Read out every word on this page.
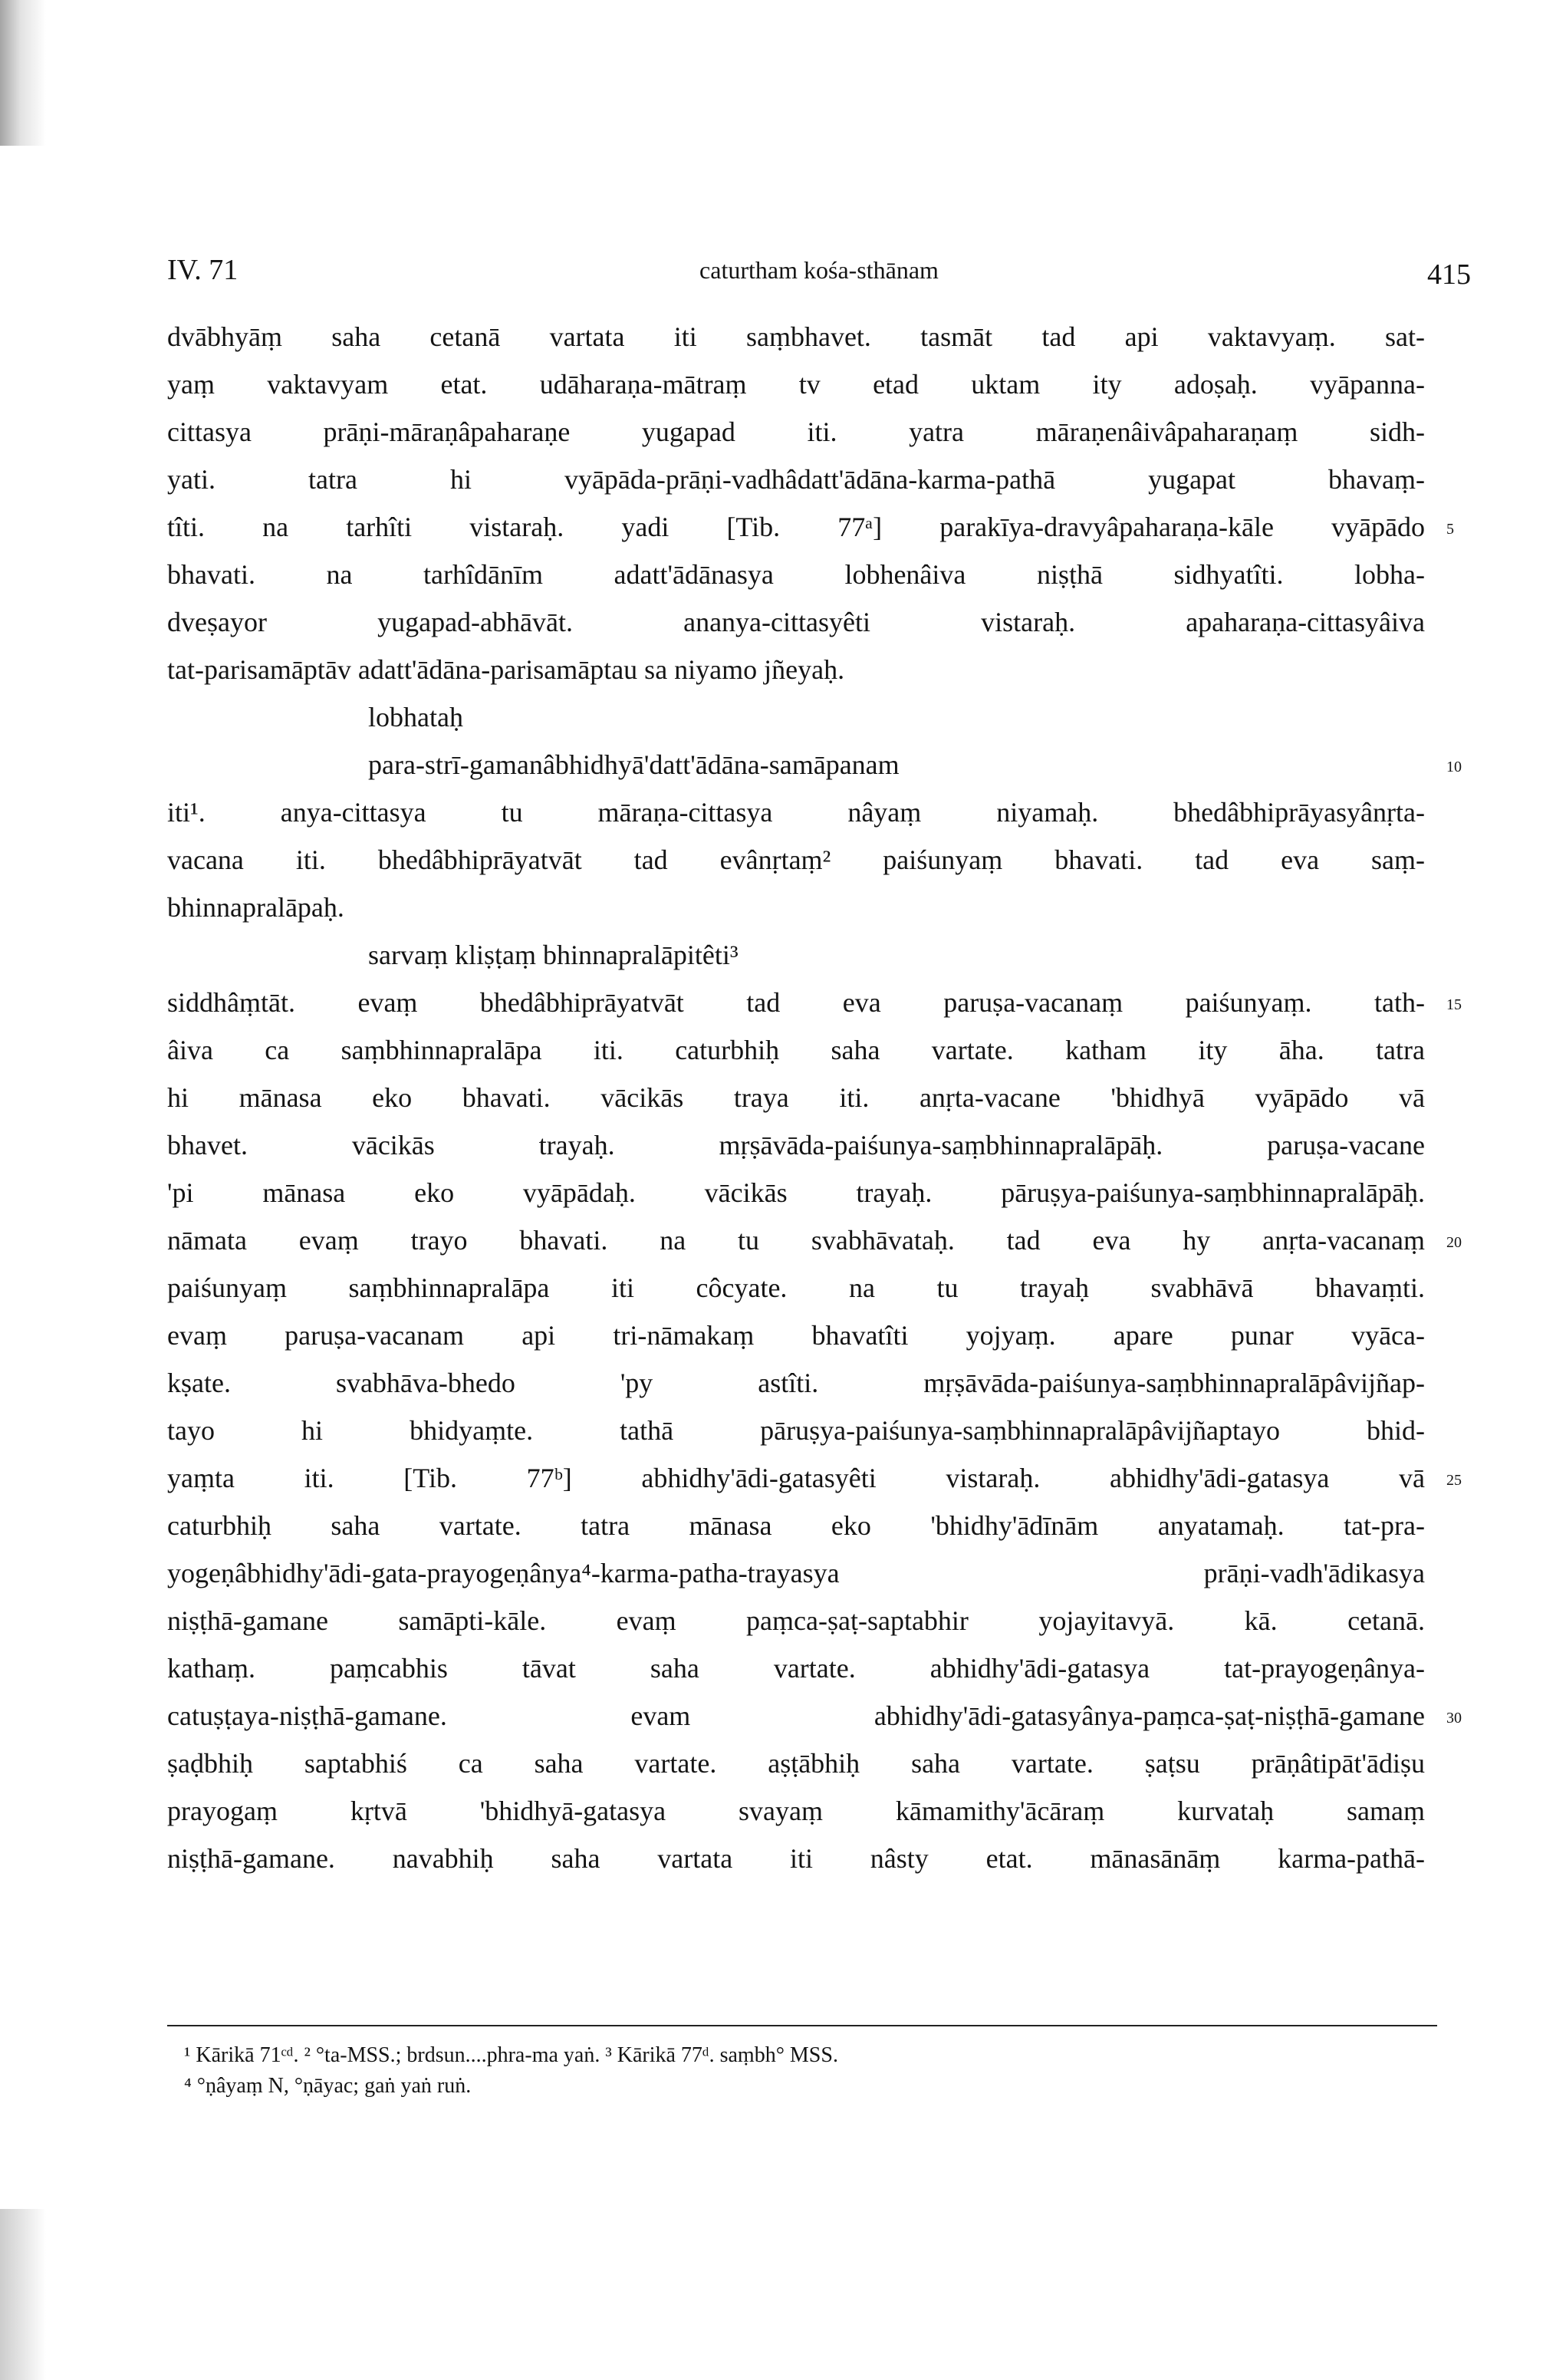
IV. 71	caturtham kośa-sthānam	415
dvābhyāṃ saha cetanā vartata iti saṃbhavet. tasmāt tad api vaktavyaṃ. sat-
yaṃ vaktavyam etat. udāharaṇa-mātraṃ tv etad uktam ity adoṣaḥ. vyāpanna-
cittasya prāṇi-māraṇâpaharaṇe yugapad iti. yatra māraṇenâivâpaharaṇaṃ sidh-
yati. tatra hi vyāpāda-prāṇi-vadhâdatt'ādāna-karma-pathā yugapat bhavaṃ-
tîti. na tarhîti vistaraḥ. yadi [Tib. 77ᵃ] parakīya-dravyâpaharaṇa-kāle vyāpādo
bhavati. na tarhîdānīm adatt'ādānasya lobhenâiva niṣṭhā sidhyatîti. lobha-
dveṣayor yugapad-abhāvāt. ananya-cittasyêti vistaraḥ. apaharaṇa-cittasyâiva
tat-parisamāptāv adatt'ādāna-parisamāptau sa niyamo jñeyaḥ.
lobhataḥ
para-strī-gamanâbhidhyā'datt'ādāna-samāpanam
iti¹. anya-cittasya tu māraṇa-cittasya nâyaṃ niyamaḥ. bhedâbhiprāyasyânṛta-
vacana iti. bhedâbhiprāyatvāt tad evânṛtaṃ² paiśunyaṃ bhavati. tad eva saṃ-
bhinnapralāpaḥ.
sarvaṃ kliṣṭaṃ bhinnapralāpitêti³
siddhâṃtāt. evaṃ bhedâbhiprāyatvāt tad eva paruṣa-vacanaṃ paiśunyaṃ. tath-
âiva ca saṃbhinnapralāpa iti. caturbhiḥ saha vartate. katham ity āha. tatra
hi mānasa eko bhavati. vācikās traya iti. anṛta-vacane 'bhidhyā vyāpādo vā
bhavet. vācikās trayaḥ. mṛṣāvāda-paiśunya-saṃbhinnapralāpāḥ. paruṣa-vacane
'pi mānasa eko vyāpādaḥ. vācikās trayaḥ. pāruṣya-paiśunya-saṃbhinnapralāpāḥ.
nāmata evaṃ trayo bhavati. na tu svabhāvataḥ. tad eva hy anṛta-vacanaṃ
paiśunyaṃ saṃbhinnapralāpa iti côcyate. na tu trayaḥ svabhāvā bhavaṃti.
evaṃ paruṣa-vacanam api tri-nāmakaṃ bhavatîti yojyaṃ. apare punar vyāca-
kṣate. svabhāva-bhedo 'py astîti. mṛṣāvāda-paiśunya-saṃbhinnapralāpâvijñap-
tayo hi bhidyaṃte. tathā pāruṣya-paiśunya-saṃbhinnapralāpâvijñaptayo bhid-
yaṃta iti. [Tib. 77ᵇ] abhidhy'ādi-gatasyêti vistaraḥ. abhidhy'ādi-gatasya vā
caturbhiḥ saha vartate. tatra mānasa eko 'bhidhy'ādīnām anyatamaḥ. tat-pra-
yogeṇâbhidhy'ādi-gata-prayogeṇânya⁴-karma-patha-trayasya prāṇi-vadh'ādikasya
niṣṭhā-gamane samāpti-kāle. evaṃ paṃca-ṣaṭ-saptabhir yojayitavyā. kā. cetanā.
kathaṃ. paṃcabhis tāvat saha vartate. abhidhy'ādi-gatasya tat-prayogeṇânya-
catuṣṭaya-niṣṭhā-gamane. evam abhidhy'ādi-gatasyânya-paṃca-ṣaṭ-niṣṭhā-gamane
ṣaḍbhiḥ saptabhiś ca saha vartate. aṣṭābhiḥ saha vartate. ṣaṭsu prāṇâtipāt'ādiṣu
prayogaṃ kṛtvā 'bhidhyā-gatasya svayaṃ kāmamithy'ācāraṃ kurvataḥ samaṃ
niṣṭhā-gamane. navabhiḥ saha vartata iti nâsty etat. mānasānāṃ karma-pathā-
¹ Kārikā 71ᶜᵈ. ² °ta-MSS.; brdsun....phra-ma yaṅ. ³ Kārikā 77ᵈ. saṃbh° MSS.
⁴ °ṇâyaṃ N, °ṇāyac; gaṅ yaṅ ruṅ.
5
10
15
20
25
30
